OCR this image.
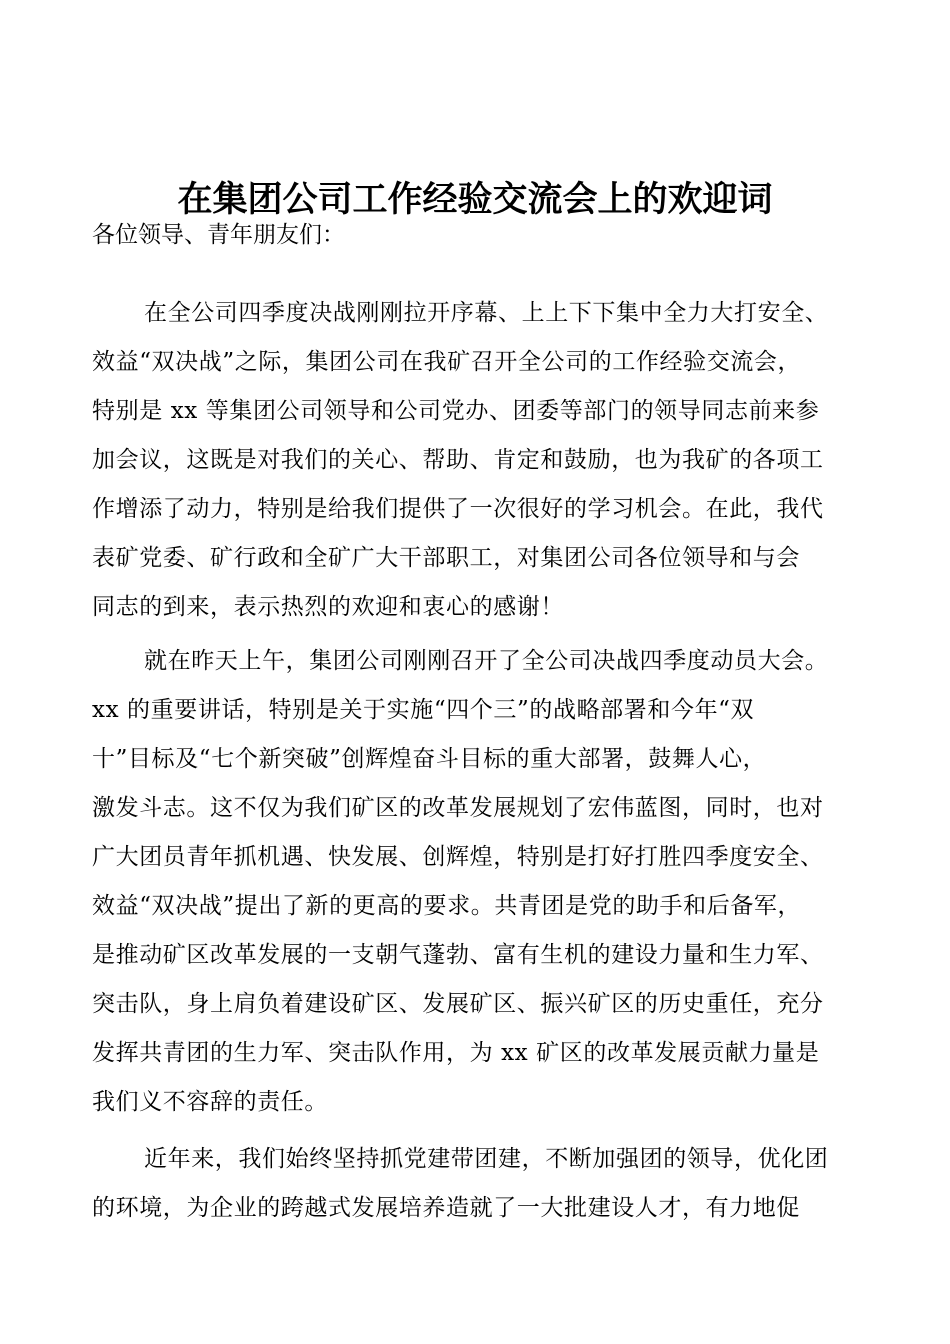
在集团公司工作经验交流会上的欢迎词
各位领导、青年朋友们：
在全公司四季度决战刚刚拉开序幕、上上下下集中全力大打安全、
效益“双决战”之际，集团公司在我矿召开全公司的工作经验交流会，
特别是 xx 等集团公司领导和公司党办、团委等部门的领导同志前来参
加会议，这既是对我们的关心、帮助、肯定和鼓励，也为我矿的各项工
作增添了动力，特别是给我们提供了一次很好的学习机会。在此，我代
表矿党委、矿行政和全矿广大干部职工，对集团公司各位领导和与会
同志的到来，表示热烈的欢迎和衷心的感谢！
就在昨天上午，集团公司刚刚召开了全公司决战四季度动员大会。
xx 的重要讲话，特别是关于实施“四个三”的战略部署和今年“双
十”目标及“七个新突破”创辉煌奋斗目标的重大部署，鼓舞人心，
激发斗志。这不仅为我们矿区的改革发展规划了宏伟蓝图，同时，也对
广大团员青年抓机遇、快发展、创辉煌，特别是打好打胜四季度安全、
效益“双决战”提出了新的更高的要求。共青团是党的助手和后备军，
是推动矿区改革发展的一支朝气蓬勃、富有生机的建设力量和生力军、
突击队，身上肩负着建设矿区、发展矿区、振兴矿区的历史重任，充分
发挥共青团的生力军、突击队作用，为 xx 矿区的改革发展贡献力量是
我们义不容辞的责任。
近年来，我们始终坚持抓党建带团建，不断加强团的领导，优化团
的环境，为企业的跨越式发展培养造就了一大批建设人才，有力地促
